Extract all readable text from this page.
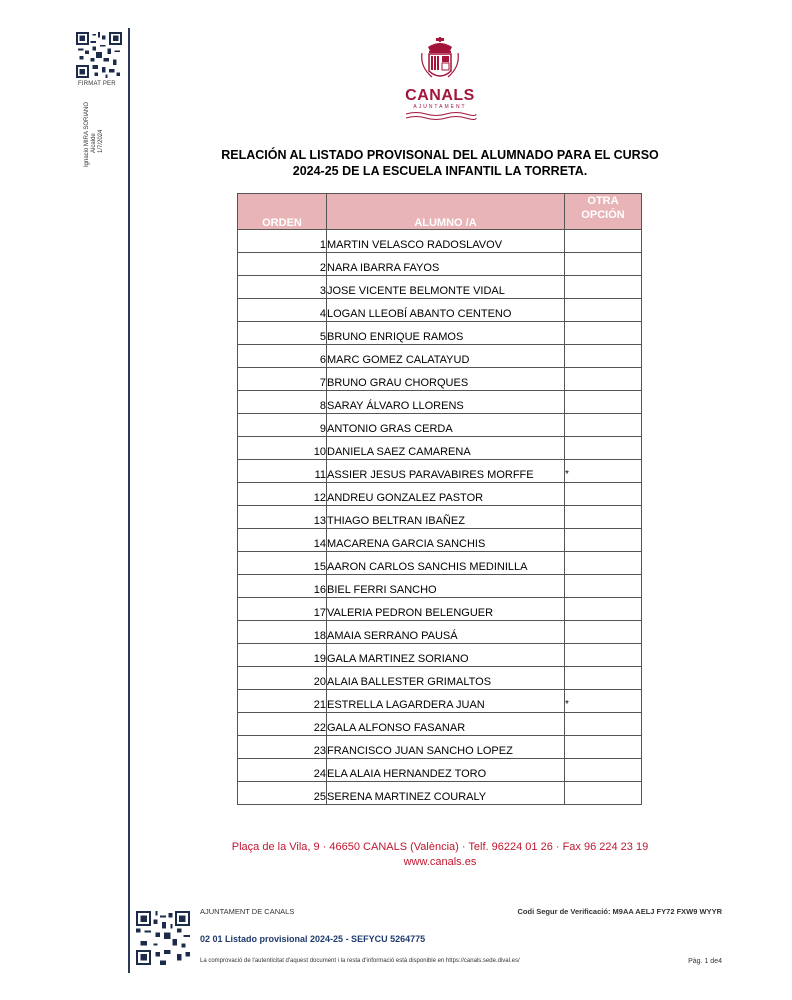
FIRMAT PER
Ignacio MIRA SORIANO Alcalde 1/7/2024
CANALS
AJUNTAMENT
RELACIÓN AL LISTADO PROVISONAL DEL ALUMNADO PARA EL CURSO
2024-25 DE LA ESCUELA INFANTIL LA TORRETA.
ORDEN	ALUMNO /A	OTRA
OPCIÓN

1	MARTIN VELASCO RADOSLAVOV	
2	NARA IBARRA FAYOS	
3	JOSE VICENTE BELMONTE VIDAL	
4	LOGAN LLEOBÍ ABANTO CENTENO	
5	BRUNO ENRIQUE RAMOS	
6	MARC GOMEZ CALATAYUD	
7	BRUNO GRAU CHORQUES	
8	SARAY ÁLVARO LLORENS	
9	ANTONIO GRAS CERDA	
10	DANIELA SAEZ CAMARENA	
11	ASSIER JESUS PARAVABIRES MORFFE	*
12	ANDREU GONZALEZ PASTOR	
13	THIAGO BELTRAN IBAÑEZ	
14	MACARENA GARCIA SANCHIS	
15	AARON CARLOS SANCHIS MEDINILLA	
16	BIEL FERRI SANCHO	
17	VALERIA PEDRON BELENGUER	
18	AMAIA SERRANO PAUSÁ	
19	GALA MARTINEZ SORIANO	
20	ALAIA BALLESTER GRIMALTOS	
21	ESTRELLA LAGARDERA JUAN	*
22	GALA ALFONSO FASANAR	
23	FRANCISCO JUAN SANCHO LOPEZ	
24	ELA ALAIA HERNANDEZ TORO	
25	SERENA MARTINEZ COURALY	
Plaça de la Vila, 9 · 46650 CANALS (València) · Telf. 96224 01 26 · Fax 96 224 23 19
www.canals.es
AJUNTAMENT DE CANALS	Codi Segur de Verificació: M9AA AELJ FY72 FXW9 WYYR
02 01 Listado provisional 2024-25 - SEFYCU 5264775
La comprovació de l'autenticitat d'aquest document i la resta d'informació està disponible en https://canals.sede.dival.es/	Pàg. 1 de4
